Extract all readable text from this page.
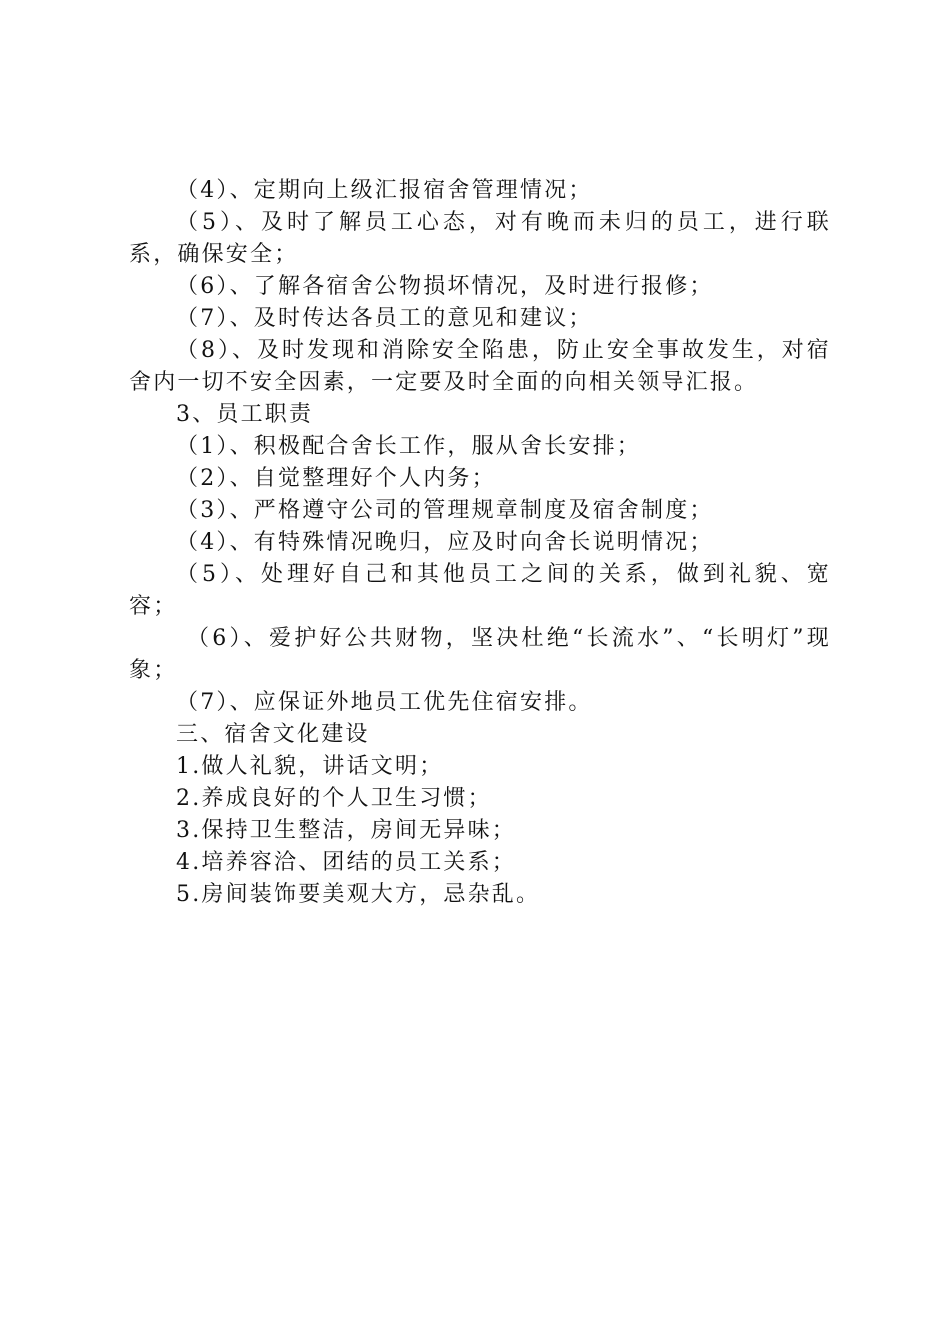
（4）、定期向上级汇报宿舍管理情况；

（5）、及时了解员工心态，对有晚而未归的员工，进行联系，确保安全；

（6）、了解各宿舍公物损坏情况，及时进行报修；

（7）、及时传达各员工的意见和建议；

（8）、及时发现和消除安全陷患，防止安全事故发生，对宿舍内一切不安全因素，一定要及时全面的向相关领导汇报。

3、员工职责

（1）、积极配合舍长工作，服从舍长安排；

（2）、自觉整理好个人内务；

（3）、严格遵守公司的管理规章制度及宿舍制度；

（4）、有特殊情况晚归，应及时向舍长说明情况；

（5）、处理好自己和其他员工之间的关系，做到礼貌、宽容；

（6）、爱护好公共财物，坚决杜绝“长流水”、“长明灯”现象；

（7）、应保证外地员工优先住宿安排。

三、宿舍文化建设

1.做人礼貌，讲话文明；

2.养成良好的个人卫生习惯；

3.保持卫生整洁，房间无异味；

4.培养容洽、团结的员工关系；

5.房间装饰要美观大方，忌杂乱。
